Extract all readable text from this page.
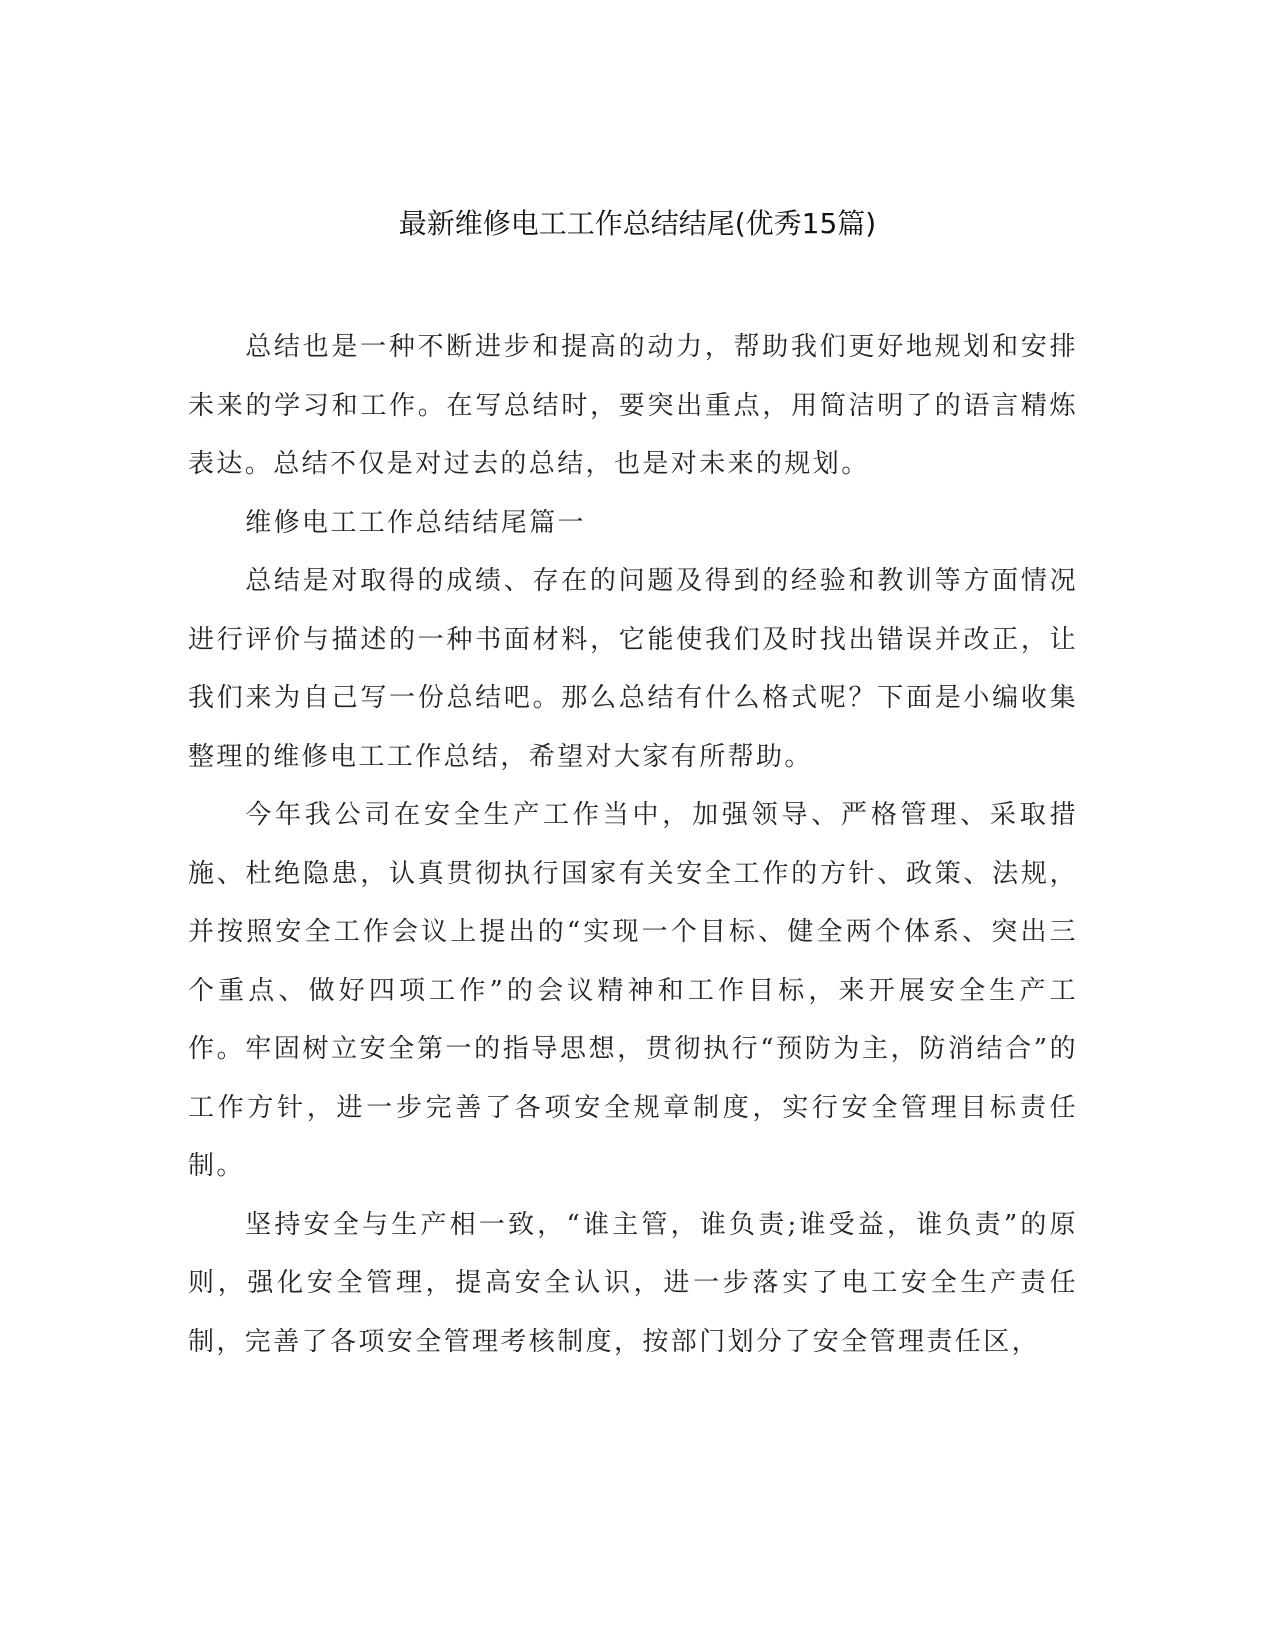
最新维修电工工作总结结尾(优秀15篇)

总结也是一种不断进步和提高的动力，帮助我们更好地规划和安排未来的学习和工作。在写总结时，要突出重点，用简洁明了的语言精炼表达。总结不仅是对过去的总结，也是对未来的规划。

维修电工工作总结结尾篇一

总结是对取得的成绩、存在的问题及得到的经验和教训等方面情况进行评价与描述的一种书面材料，它能使我们及时找出错误并改正，让我们来为自己写一份总结吧。那么总结有什么格式呢？下面是小编收集整理的维修电工工作总结，希望对大家有所帮助。

今年我公司在安全生产工作当中，加强领导、严格管理、采取措施、杜绝隐患，认真贯彻执行国家有关安全工作的方针、政策、法规，并按照安全工作会议上提出的“实现一个目标、健全两个体系、突出三个重点、做好四项工作”的会议精神和工作目标，来开展安全生产工作。牢固树立安全第一的指导思想，贯彻执行“预防为主，防消结合”的工作方针，进一步完善了各项安全规章制度，实行安全管理目标责任制。

坚持安全与生产相一致，“谁主管，谁负责;谁受益，谁负责”的原则，强化安全管理，提高安全认识，进一步落实了电工安全生产责任制，完善了各项安全管理考核制度，按部门划分了安全管理责任区，
